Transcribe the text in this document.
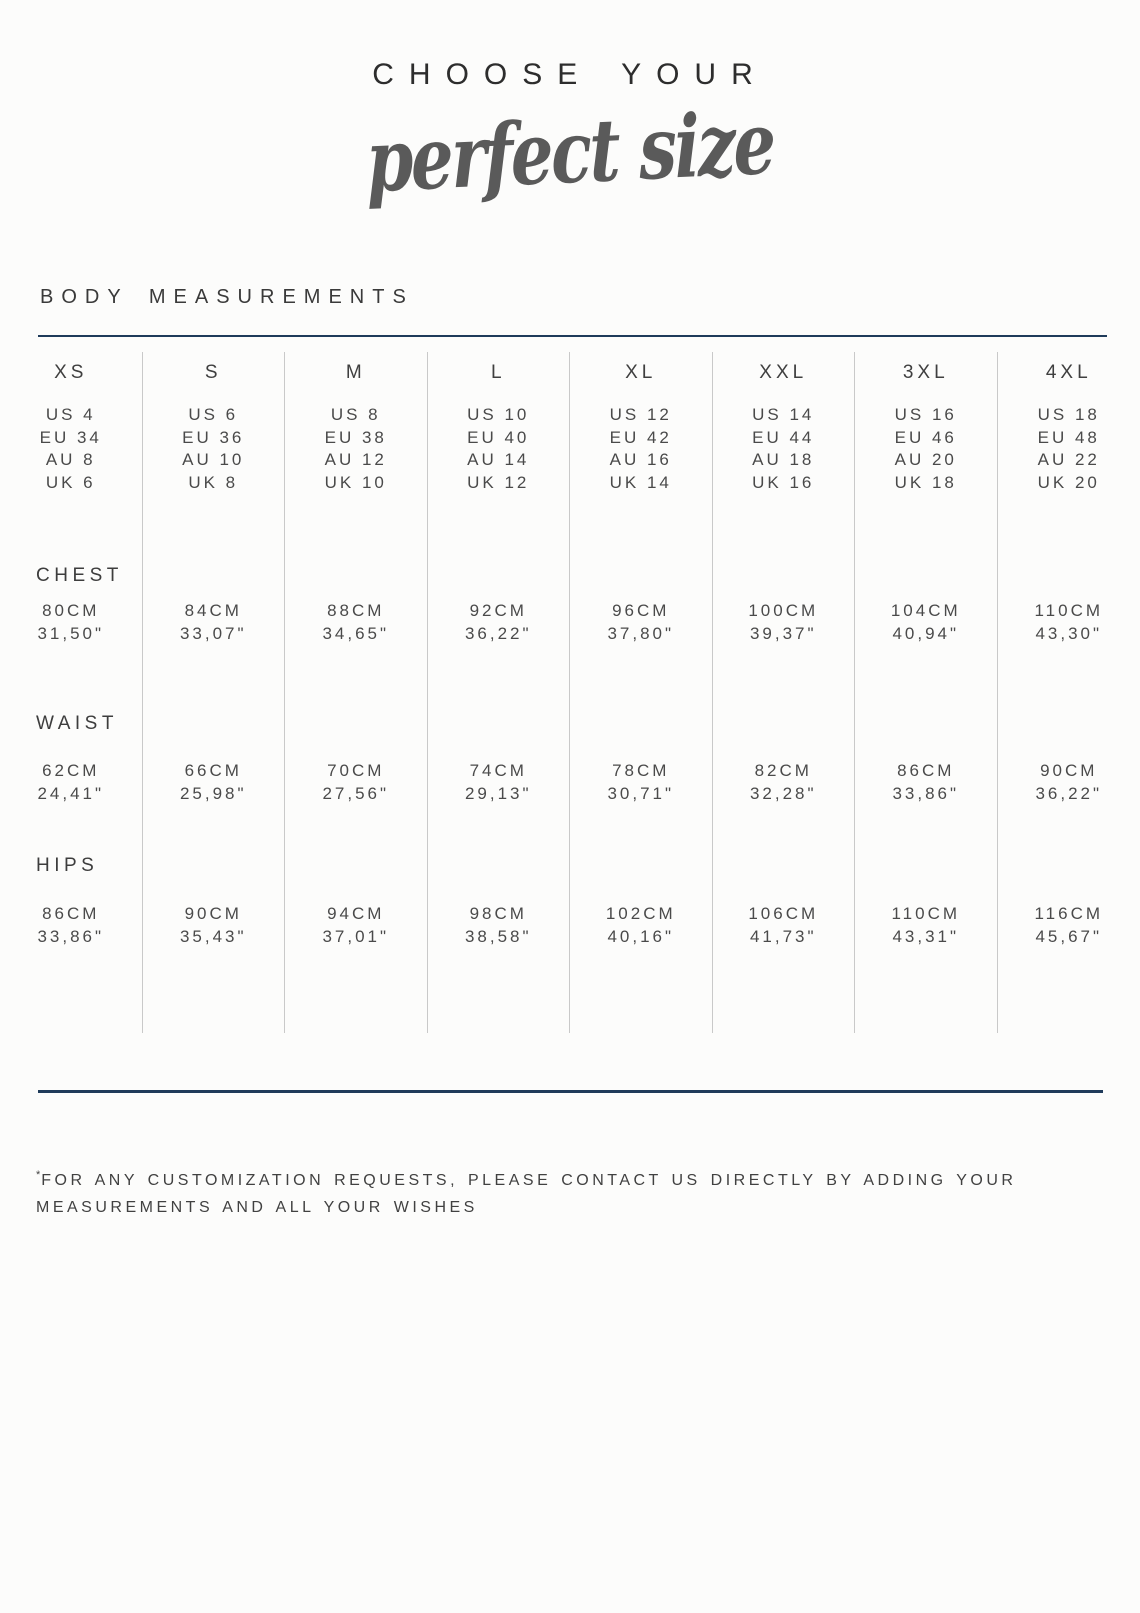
CHOOSE YOUR
perfect size
BODY MEASUREMENTS
CHEST
WAIST
HIPS
XS
US 4
EU 34
AU 8
UK 6
80CM
31,50"
62CM
24,41"
86CM
33,86"
S
US 6
EU 36
AU 10
UK 8
84CM
33,07"
66CM
25,98"
90CM
35,43"
M
US 8
EU 38
AU 12
UK 10
88CM
34,65"
70CM
27,56"
94CM
37,01"
L
US 10
EU 40
AU 14
UK 12
92CM
36,22"
74CM
29,13"
98CM
38,58"
XL
US 12
EU 42
AU 16
UK 14
96CM
37,80"
78CM
30,71"
102CM
40,16"
XXL
US 14
EU 44
AU 18
UK 16
100CM
39,37"
82CM
32,28"
106CM
41,73"
3XL
US 16
EU 46
AU 20
UK 18
104CM
40,94"
86CM
33,86"
110CM
43,31"
4XL
US 18
EU 48
AU 22
UK 20
110CM
43,30"
90CM
36,22"
116CM
45,67"
*FOR ANY CUSTOMIZATION REQUESTS, PLEASE CONTACT US DIRECTLY BY ADDING YOUR
MEASUREMENTS AND ALL YOUR WISHES
